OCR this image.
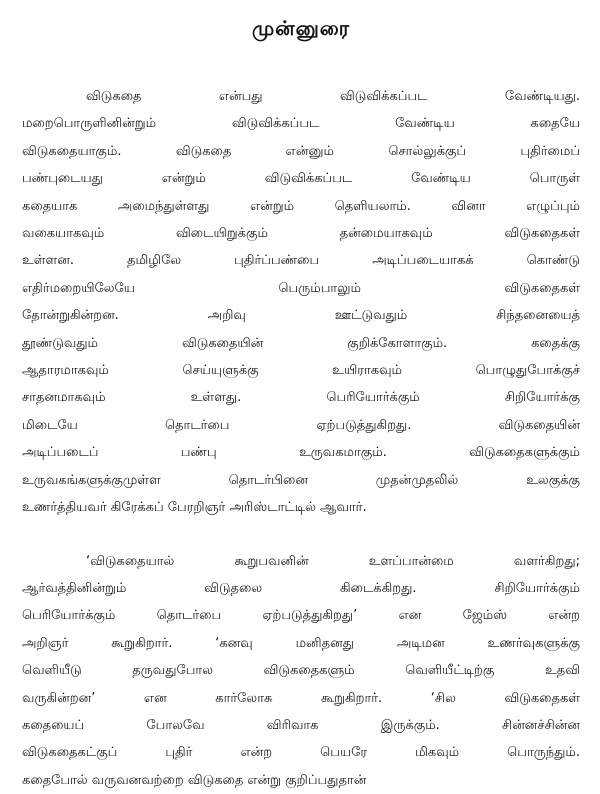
முன்னுரை
விடுகதை என்பது விடுவிக்கப்பட வேண்டியது.
மறைபொருளினின்றும் விடுவிக்கப்பட வேண்டிய கதையே
விடுகதையாகும். விடுகதை என்னும் சொல்லுக்குப் புதிர்மைப்
பண்புடையது என்றும் விடுவிக்கப்பட வேண்டிய பொருள்
கதையாக அமைந்துள்ளது என்றும் தெளியலாம். வினா எழுப்பும்
வகையாகவும் விடையிறுக்கும் தன்மையாகவும் விடுகதைகள்
உள்ளன. தமிழிலே புதிர்ப்பண்பை அடிப்படையாகக் கொண்டு
எதிர்மறையிலேயே பெரும்பாலும் விடுகதைகள்
தோன்றுகின்றன. அறிவு ஊட்டுவதும் சிந்தனையைத்
தூண்டுவதும் விடுகதையின் குறிக்கோளாகும். கதைக்கு
ஆதாரமாகவும் செய்யுளுக்கு உயிராகவும் பொழுதுபோக்குச்
சாதனமாகவும் உள்ளது. பெரியோர்க்கும் சிறியோர்க்கு
மிடையே தொடர்பை ஏற்படுத்துகிறது. விடுகதையின்
அடிப்படைப் பண்பு உருவகமாகும். விடுகதைகளுக்கும்
உருவகங்களுக்குமுள்ள தொடர்பினை முதன்முதலில் உலகுக்கு
உணர்த்தியவர் கிரேக்கப் பேரறிஞர் அரிஸ்டாட்டில் ஆவார்.
‘விடுகதையால் கூறுபவனின் உளப்பான்மை வளர்கிறது;
ஆர்வத்தினின்றும் விடுதலை கிடைக்கிறது. சிறியோர்க்கும்
பெரியோர்க்கும் தொடர்பை ஏற்படுத்துகிறது’ என ஜேம்ஸ் என்ற
அறிஞர் கூறுகிறார். ‘கனவு மனிதனது அடிமன உணர்வுகளுக்கு
வெளியீடு தருவதுபோல விடுகதைகளும் வெளியீட்டிற்கு உதவி
வருகின்றன’ என கார்லோசு கூறுகிறார். ‘சில விடுகதைகள்
கதையைப் போலவே விரிவாக இருக்கும். சின்னச்சின்ன
விடுகதைகட்குப் புதிர் என்ற பெயரே மிகவும் பொருந்தும்.
கதைபோல் வருவனவற்றை விடுகதை என்று குறிப்பதுதான்
